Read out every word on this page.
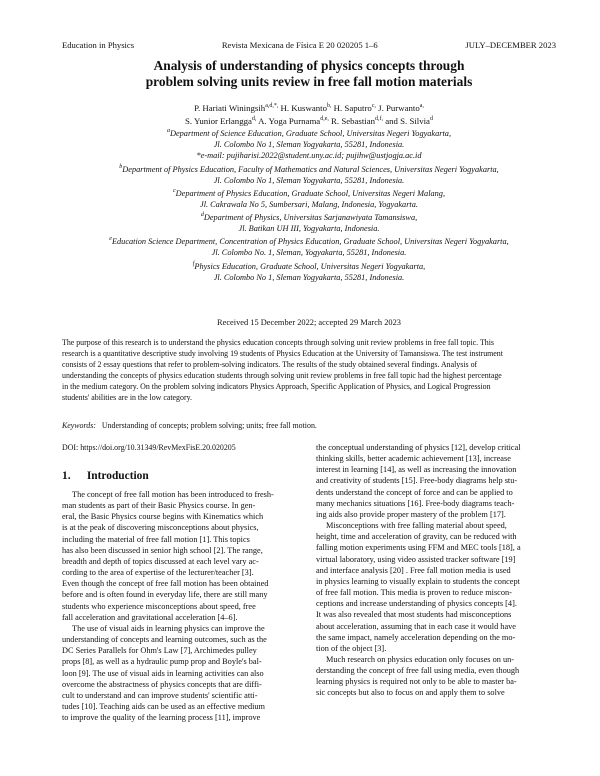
Education in Physics	Revista Mexicana de Física E 20 020205 1–6	JULY–DECEMBER 2023
Analysis of understanding of physics concepts through
problem solving units review in free fall motion materials
P. Hariati Winingsih$^{a,d,*,}$ H. Kuswanto$^{b,}$ H. Saputro$^{c,}$ J. Purwanto$^{a,}$
S. Yunior Erlangga$^{d,}$ A. Yoga Purnama$^{d,e,}$ R. Sebastian$^{d,f,}$ and S. Silvia$^d$
$^a$Department of Science Education, Graduate School, Universitas Negeri Yogyakarta,
Jl. Colombo No 1, Sleman Yogyakarta, 55281, Indonesia.
*e-mail: pujiharisi.2022@student.uny.ac.id; pujihw@ustjogja.ac.id
$^b$Department of Physics Education, Faculty of Mathematics and Natural Sciences, Universitas Negeri Yogyakarta,
Jl. Colombo No 1, Sleman Yogyakarta, 55281, Indonesia.
$^c$Department of Physics Education, Graduate School, Universitas Negeri Malang,
Jl. Cakrawala No 5, Sumbersari, Malang, Indonesia, Yogyakarta.
$^d$Department of Physics, Universitas Sarjanawiyata Tamansiswa,
Jl. Batikan UH III, Yogyakarta, Indonesia.
$^e$Education Science Department, Concentration of Physics Education, Graduate School, Universitas Negeri Yogyakarta,
Jl. Colombo No. 1, Sleman, Yogyakarta, 55281, Indonesia.
$^f$Physics Education, Graduate School, Universitas Negeri Yogyakarta,
Jl. Colombo No 1, Sleman Yogyakarta, 55281, Indonesia.
Received 15 December 2022; accepted 29 March 2023
The purpose of this research is to understand the physics education concepts through solving unit review problems in free fall topic. This
research is a quantitative descriptive study involving 19 students of Physics Education at the University of Tamansiswa. The test instrument
consists of 2 essay questions that refer to problem-solving indicators. The results of the study obtained several findings. Analysis of
understanding the concepts of physics education students through solving unit review problems in free fall topic had the highest percentage
in the medium category. On the problem solving indicators Physics Approach, Specific Application of Physics, and Logical Progression
students' abilities are in the low category.
Keywords: Understanding of concepts; problem solving; units; free fall motion.
DOI: https://doi.org/10.31349/RevMexFisE.20.020205
1. Introduction
The concept of free fall motion has been introduced to fresh-
man students as part of their Basic Physics course. In gen-
eral, the Basic Physics course begins with Kinematics which
is at the peak of discovering misconceptions about physics,
including the material of free fall motion [1]. This topics
has also been discussed in senior high school [2]. The range,
breadth and depth of topics discussed at each level vary ac-
cording to the area of expertise of the lecturer/teacher [3].
Even though the concept of free fall motion has been obtained
before and is often found in everyday life, there are still many
students who experience misconceptions about speed, free
fall acceleration and gravitational acceleration [4–6].
The use of visual aids in learning physics can improve the
understanding of concepts and learning outcomes, such as the
DC Series Parallels for Ohm's Law [7], Archimedes pulley
props [8], as well as a hydraulic pump prop and Boyle's bal-
loon [9]. The use of visual aids in learning activities can also
overcome the abstractness of physics concepts that are diffi-
cult to understand and can improve students' scientific atti-
tudes [10]. Teaching aids can be used as an effective medium
to improve the quality of the learning process [11], improve
the conceptual understanding of physics [12], develop critical
thinking skills, better academic achievement [13], increase
interest in learning [14], as well as increasing the innovation
and creativity of students [15]. Free-body diagrams help stu-
dents understand the concept of force and can be applied to
many mechanics situations [16]. Free-body diagrams teach-
ing aids also provide proper mastery of the problem [17].
Misconceptions with free falling material about speed,
height, time and acceleration of gravity, can be reduced with
falling motion experiments using FFM and MEC tools [18], a
virtual laboratory, using video assisted tracker software [19]
and interface analysis [20] . Free fall motion media is used
in physics learning to visually explain to students the concept
of free fall motion. This media is proven to reduce miscon-
ceptions and increase understanding of physics concepts [4].
It was also revealed that most students had misconceptions
about acceleration, assuming that in each case it would have
the same impact, namely acceleration depending on the mo-
tion of the object [3].
Much research on physics education only focuses on un-
derstanding the concept of free fall using media, even though
learning physics is required not only to be able to master ba-
sic concepts but also to focus on and apply them to solve
